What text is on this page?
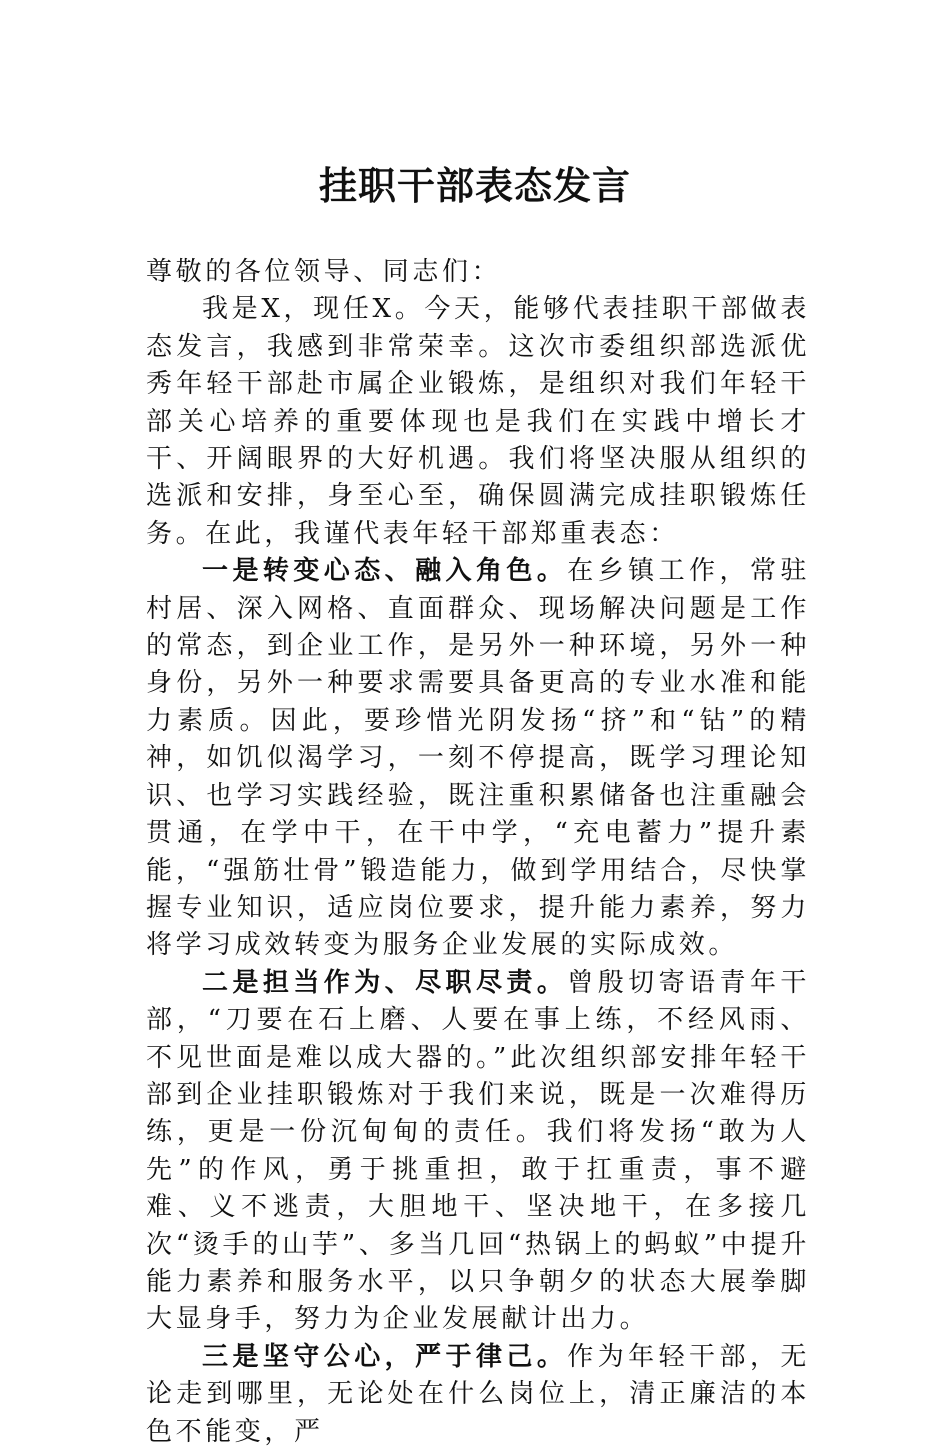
挂职干部表态发言

尊敬的各位领导、同志们：

我是X，现任X。今天，能够代表挂职干部做表态发言，我感到非常荣幸。这次市委组织部选派优秀年轻干部赴市属企业锻炼，是组织对我们年轻干部关心培养的重要体现也是我们在实践中增长才干、开阔眼界的大好机遇。我们将坚决服从组织的选派和安排，身至心至，确保圆满完成挂职锻炼任务。在此，我谨代表年轻干部郑重表态：

一是转变心态、融入角色。在乡镇工作，常驻村居、深入网格、直面群众、现场解决问题是工作的常态，到企业工作，是另外一种环境，另外一种身份，另外一种要求需要具备更高的专业水准和能力素质。因此，要珍惜光阴发扬“挤”和“钻”的精神，如饥似渴学习，一刻不停提高，既学习理论知识、也学习实践经验，既注重积累储备也注重融会贯通，在学中干，在干中学，“充电蓄力”提升素能，“强筋壮骨”锻造能力，做到学用结合，尽快掌握专业知识，适应岗位要求，提升能力素养，努力将学习成效转变为服务企业发展的实际成效。

二是担当作为、尽职尽责。曾殷切寄语青年干部，“刀要在石上磨、人要在事上练，不经风雨、不见世面是难以成大器的。”此次组织部安排年轻干部到企业挂职锻炼对于我们来说，既是一次难得历练，更是一份沉甸甸的责任。我们将发扬“敢为人先”的作风，勇于挑重担，敢于扛重责，事不避难、义不逃责，大胆地干、坚决地干，在多接几次“烫手的山芋”、多当几回“热锅上的蚂蚁”中提升能力素养和服务水平，以只争朝夕的状态大展拳脚大显身手，努力为企业发展献计出力。

三是坚守公心，严于律己。作为年轻干部，无论走到哪里，无论处在什么岗位上，清正廉洁的本色不能变，严
